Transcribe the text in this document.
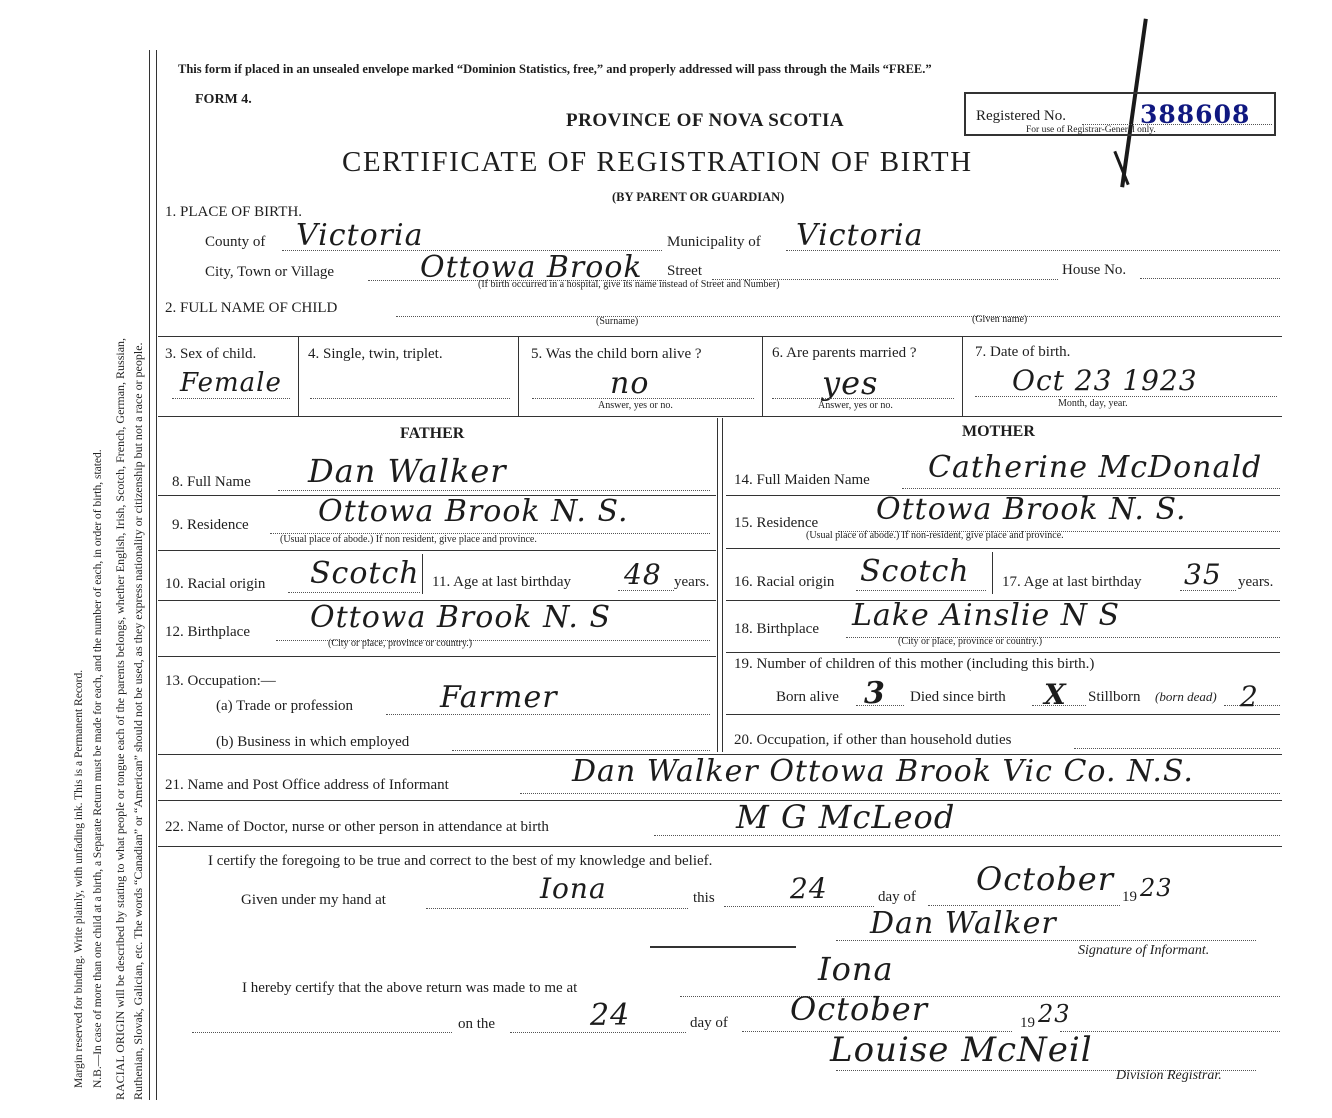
Margin reserved for binding. Write plainly, with unfading ink. This is a Permanent Record. N.B.—In case of more than one child at a birth, a Separate Return must be made for each, and the number of each, in order of birth, stated. RACIAL ORIGIN will be described by stating to what people or tongue each of the parents belongs, whether English, Irish, Scotch, French, German, Russian, Ruthenian, Slovak, Galician, etc. The words “Canadian” or “American” should not be used, as they express nationality or citizenship but not a race or people.
This form if placed in an unsealed envelope marked “Dominion Statistics, free,” and properly addressed will pass through the Mails “FREE.”
FORM 4.
PROVINCE OF NOVA SCOTIA
CERTIFICATE OF REGISTRATION OF BIRTH
(BY PARENT OR GUARDIAN)
Registered No.	388608
For use of Registrar-General only.
1. PLACE OF BIRTH.
County of Victoria	Municipality of Victoria
City, Town or Village	Ottowa Brook Street	House No.
(If birth occurred in a hospital, give its name instead of Street and Number)
2. FULL NAME OF CHILD
(Surname)	(Given name)
3. Sex of child.
Female
4. Single, twin, triplet.	5. Was the child born alive ?
no
Answer, yes or no.
6. Are parents married ?
yes
Answer, yes or no.
7. Date of birth.
Oct 23 1923
Month, day, year.
FATHER	MOTHER
8. Full Name Dan Walker
9. Residence Ottowa Brook N. S.
(Usual place of abode.) If non resident, give place and province.
10. Racial origin Scotch 11. Age at last birthday 48 years.
12. Birthplace Ottowa Brook N. S
(City or place, province or country.)
13. Occupation:—
(a) Trade or profession	Farmer
(b) Business in which employed
14. Full Maiden Name Catherine McDonald
15. Residence Ottowa Brook N. S.
(Usual place of abode.) If non-resident, give place and province.
16. Racial origin Scotch 17. Age at last birthday 35 years.
18. Birthplace Lake Ainslie N S
(City or place, province or country.)
19. Number of children of this mother (including this birth.)
Born alive 3 Died since birth X Stillborn (born dead) 2
20. Occupation, if other than household duties
21. Name and Post Office address of Informant	Dan Walker Ottowa Brook Vic Co. N.S.
22. Name of Doctor, nurse or other person in attendance at birth	M G McLeod
I certify the foregoing to be true and correct to the best of my knowledge and belief.
Given under my hand at	Iona	this	24	day of October 19 23
Dan Walker
Signature of Informant.
I hereby certify that the above return was made to me at	Iona
on the	24	day of October	19 23
Louise McNeil
Division Registrar.
